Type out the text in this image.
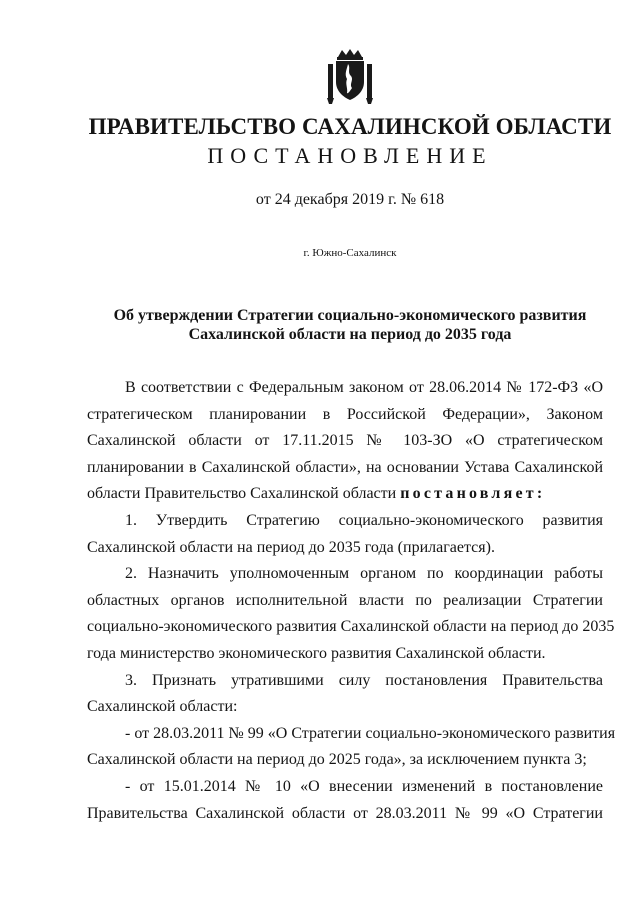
ПРАВИТЕЛЬСТВО САХАЛИНСКОЙ ОБЛАСТИ
ПОСТАНОВЛЕНИЕ
от 24 декабря 2019 г. № 618
г. Южно-Сахалинск
Об утверждении Стратегии социально-экономического развития
Сахалинской области на период до 2035 года
В соответствии с Федеральным законом от 28.06.2014 № 172-ФЗ «О
стратегическом планировании в Российской Федерации», Законом
Сахалинской области от 17.11.2015 № 103-ЗО «О стратегическом
планировании в Сахалинской области», на основании Устава Сахалинской
области Правительство Сахалинской области постановляет:
1. Утвердить Стратегию социально-экономического развития
Сахалинской области на период до 2035 года (прилагается).
2. Назначить уполномоченным органом по координации работы
областных органов исполнительной власти по реализации Стратегии
социально-экономического развития Сахалинской области на период до 2035
года министерство экономического развития Сахалинской области.
3. Признать утратившими силу постановления Правительства
Сахалинской области:
- от 28.03.2011 № 99 «О Стратегии социально-экономического развития
Сахалинской области на период до 2025 года», за исключением пункта 3;
- от 15.01.2014 № 10 «О внесении изменений в постановление
Правительства Сахалинской области от 28.03.2011 № 99 «О Стратегии
